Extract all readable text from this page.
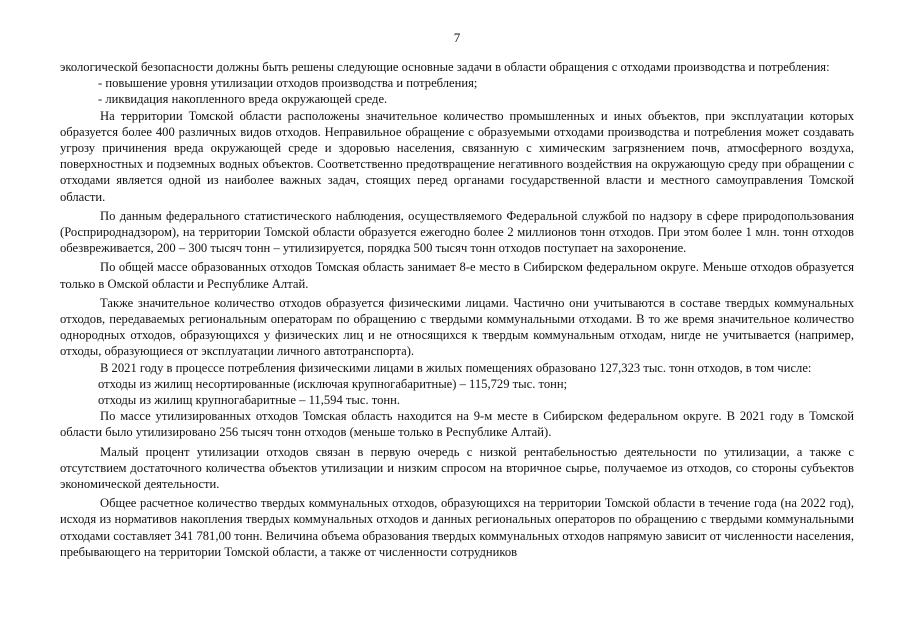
7

экологической безопасности должны быть решены следующие основные задачи в области обращения с отходами производства и потребления:

- повышение уровня утилизации отходов производства и потребления;

- ликвидация накопленного вреда окружающей среде.

На территории Томской области расположены значительное количество промышленных и иных объектов, при эксплуатации которых образуется более 400 различных видов отходов. Неправильное обращение с образуемыми отходами производства и потребления может создавать угрозу причинения вреда окружающей среде и здоровью населения, связанную с химическим загрязнением почв, атмосферного воздуха, поверхностных и подземных водных объектов. Соответственно предотвращение негативного воздействия на окружающую среду при обращении с отходами является одной из наиболее важных задач, стоящих перед органами государственной власти и местного самоуправления Томской области.

По данным федерального статистического наблюдения, осуществляемого Федеральной службой по надзору в сфере природопользования (Росприроднадзором), на территории Томской области образуется ежегодно более 2 миллионов тонн отходов. При этом более 1 млн. тонн отходов обезвреживается, 200 – 300 тысяч тонн – утилизируется, порядка 500 тысяч тонн отходов поступает на захоронение.

По общей массе образованных отходов Томская область занимает 8-е место в Сибирском федеральном округе. Меньше отходов образуется только в Омской области и Республике Алтай.

Также значительное количество отходов образуется физическими лицами. Частично они учитываются в составе твердых коммунальных отходов, передаваемых региональным операторам по обращению с твердыми коммунальными отходами. В то же время значительное количество однородных отходов, образующихся у физических лиц и не относящихся к твердым коммунальным отходам, нигде не учитывается (например, отходы, образующиеся от эксплуатации личного автотранспорта).

В 2021 году в процессе потребления физическими лицами в жилых помещениях образовано 127,323 тыс. тонн отходов, в том числе:

отходы из жилищ несортированные (исключая крупногабаритные) – 115,729 тыс. тонн;

отходы из жилищ крупногабаритные – 11,594 тыс. тонн.

По массе утилизированных отходов Томская область находится на 9-м месте в Сибирском федеральном округе. В 2021 году в Томской области было утилизировано 256 тысяч тонн отходов (меньше только в Республике Алтай).

Малый процент утилизации отходов связан в первую очередь с низкой рентабельностью деятельности по утилизации, а также с отсутствием достаточного количества объектов утилизации и низким спросом на вторичное сырье, получаемое из отходов, со стороны субъектов экономической деятельности.

Общее расчетное количество твердых коммунальных отходов, образующихся на территории Томской области в течение года (на 2022 год), исходя из нормативов накопления твердых коммунальных отходов и данных региональных операторов по обращению с твердыми коммунальными отходами составляет 341 781,00 тонн. Величина объема образования твердых коммунальных отходов напрямую зависит от численности населения, пребывающего на территории Томской области, а также от численности сотрудников
